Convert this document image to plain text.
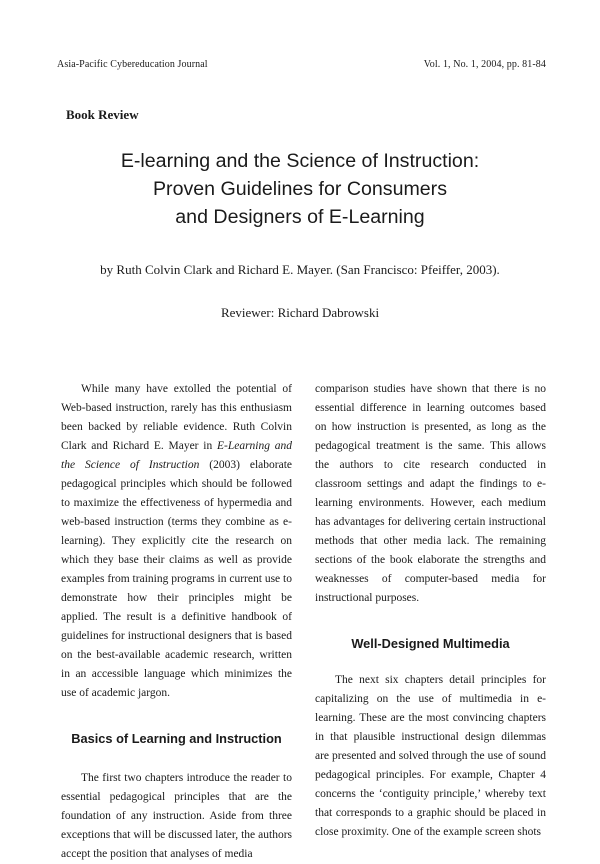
Asia-Pacific Cybereducation Journal	Vol. 1, No. 1, 2004, pp. 81-84
Book Review
E-learning and the Science of Instruction:
Proven Guidelines for Consumers
and Designers of E-Learning
by Ruth Colvin Clark and Richard E. Mayer. (San Francisco: Pfeiffer, 2003).
Reviewer: Richard Dabrowski

While many have extolled the potential of Web-based instruction, rarely has this enthusiasm been backed by reliable evidence. Ruth Colvin Clark and Richard E. Mayer in E-Learning and the Science of Instruction (2003) elaborate pedagogical principles which should be followed to maximize the effectiveness of hypermedia and web-based instruction (terms they combine as e-learning). They explicitly cite the research on which they base their claims as well as provide examples from training programs in current use to demonstrate how their principles might be applied. The result is a definitive handbook of guidelines for instructional designers that is based on the best-available academic research, written in an accessible language which minimizes the use of academic jargon.

Basics of Learning and Instruction

The first two chapters introduce the reader to essential pedagogical principles that are the foundation of any instruction. Aside from three exceptions that will be discussed later, the authors accept the position that analyses of media

comparison studies have shown that there is no essential difference in learning outcomes based on how instruction is presented, as long as the pedagogical treatment is the same. This allows the authors to cite research conducted in classroom settings and adapt the findings to e-learning environments. However, each medium has advantages for delivering certain instructional methods that other media lack. The remaining sections of the book elaborate the strengths and weaknesses of computer-based media for instructional purposes.

Well-Designed Multimedia

The next six chapters detail principles for capitalizing on the use of multimedia in e-learning. These are the most convincing chapters in that plausible instructional design dilemmas are presented and solved through the use of sound pedagogical principles. For example, Chapter 4 concerns the ‘contiguity principle,’ whereby text that corresponds to a graphic should be placed in close proximity. One of the example screen shots
